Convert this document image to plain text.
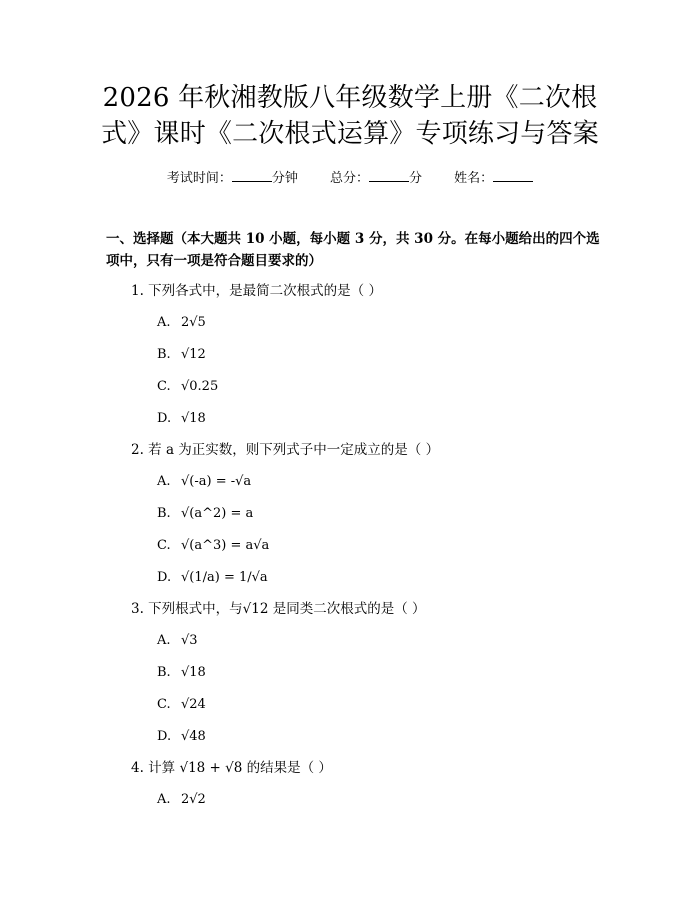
2026 年秋湘教版八年级数学上册《二次根
式》课时《二次根式运算》专项练习与答案
考试时间：	分钟 总分：	分 姓名：
一、选择题（本大题共 10 小题，每小题 3 分，共 30 分。在每小题给出的四个选项中，只有一项是符合题目要求的）
1. 下列各式中，是最简二次根式的是（ ）
A. 2√5
B. √12
C. √0.25
D. √18
2. 若 a 为正实数，则下列式子中一定成立的是（ ）
A. √(-a) = -√a
B. √(a^2) = a
C. √(a^3) = a√a
D. √(1/a) = 1/√a
3. 下列根式中，与√12 是同类二次根式的是（ ）
A. √3
B. √18
C. √24
D. √48
4. 计算 √18 + √8 的结果是（ ）
A. 2√2
